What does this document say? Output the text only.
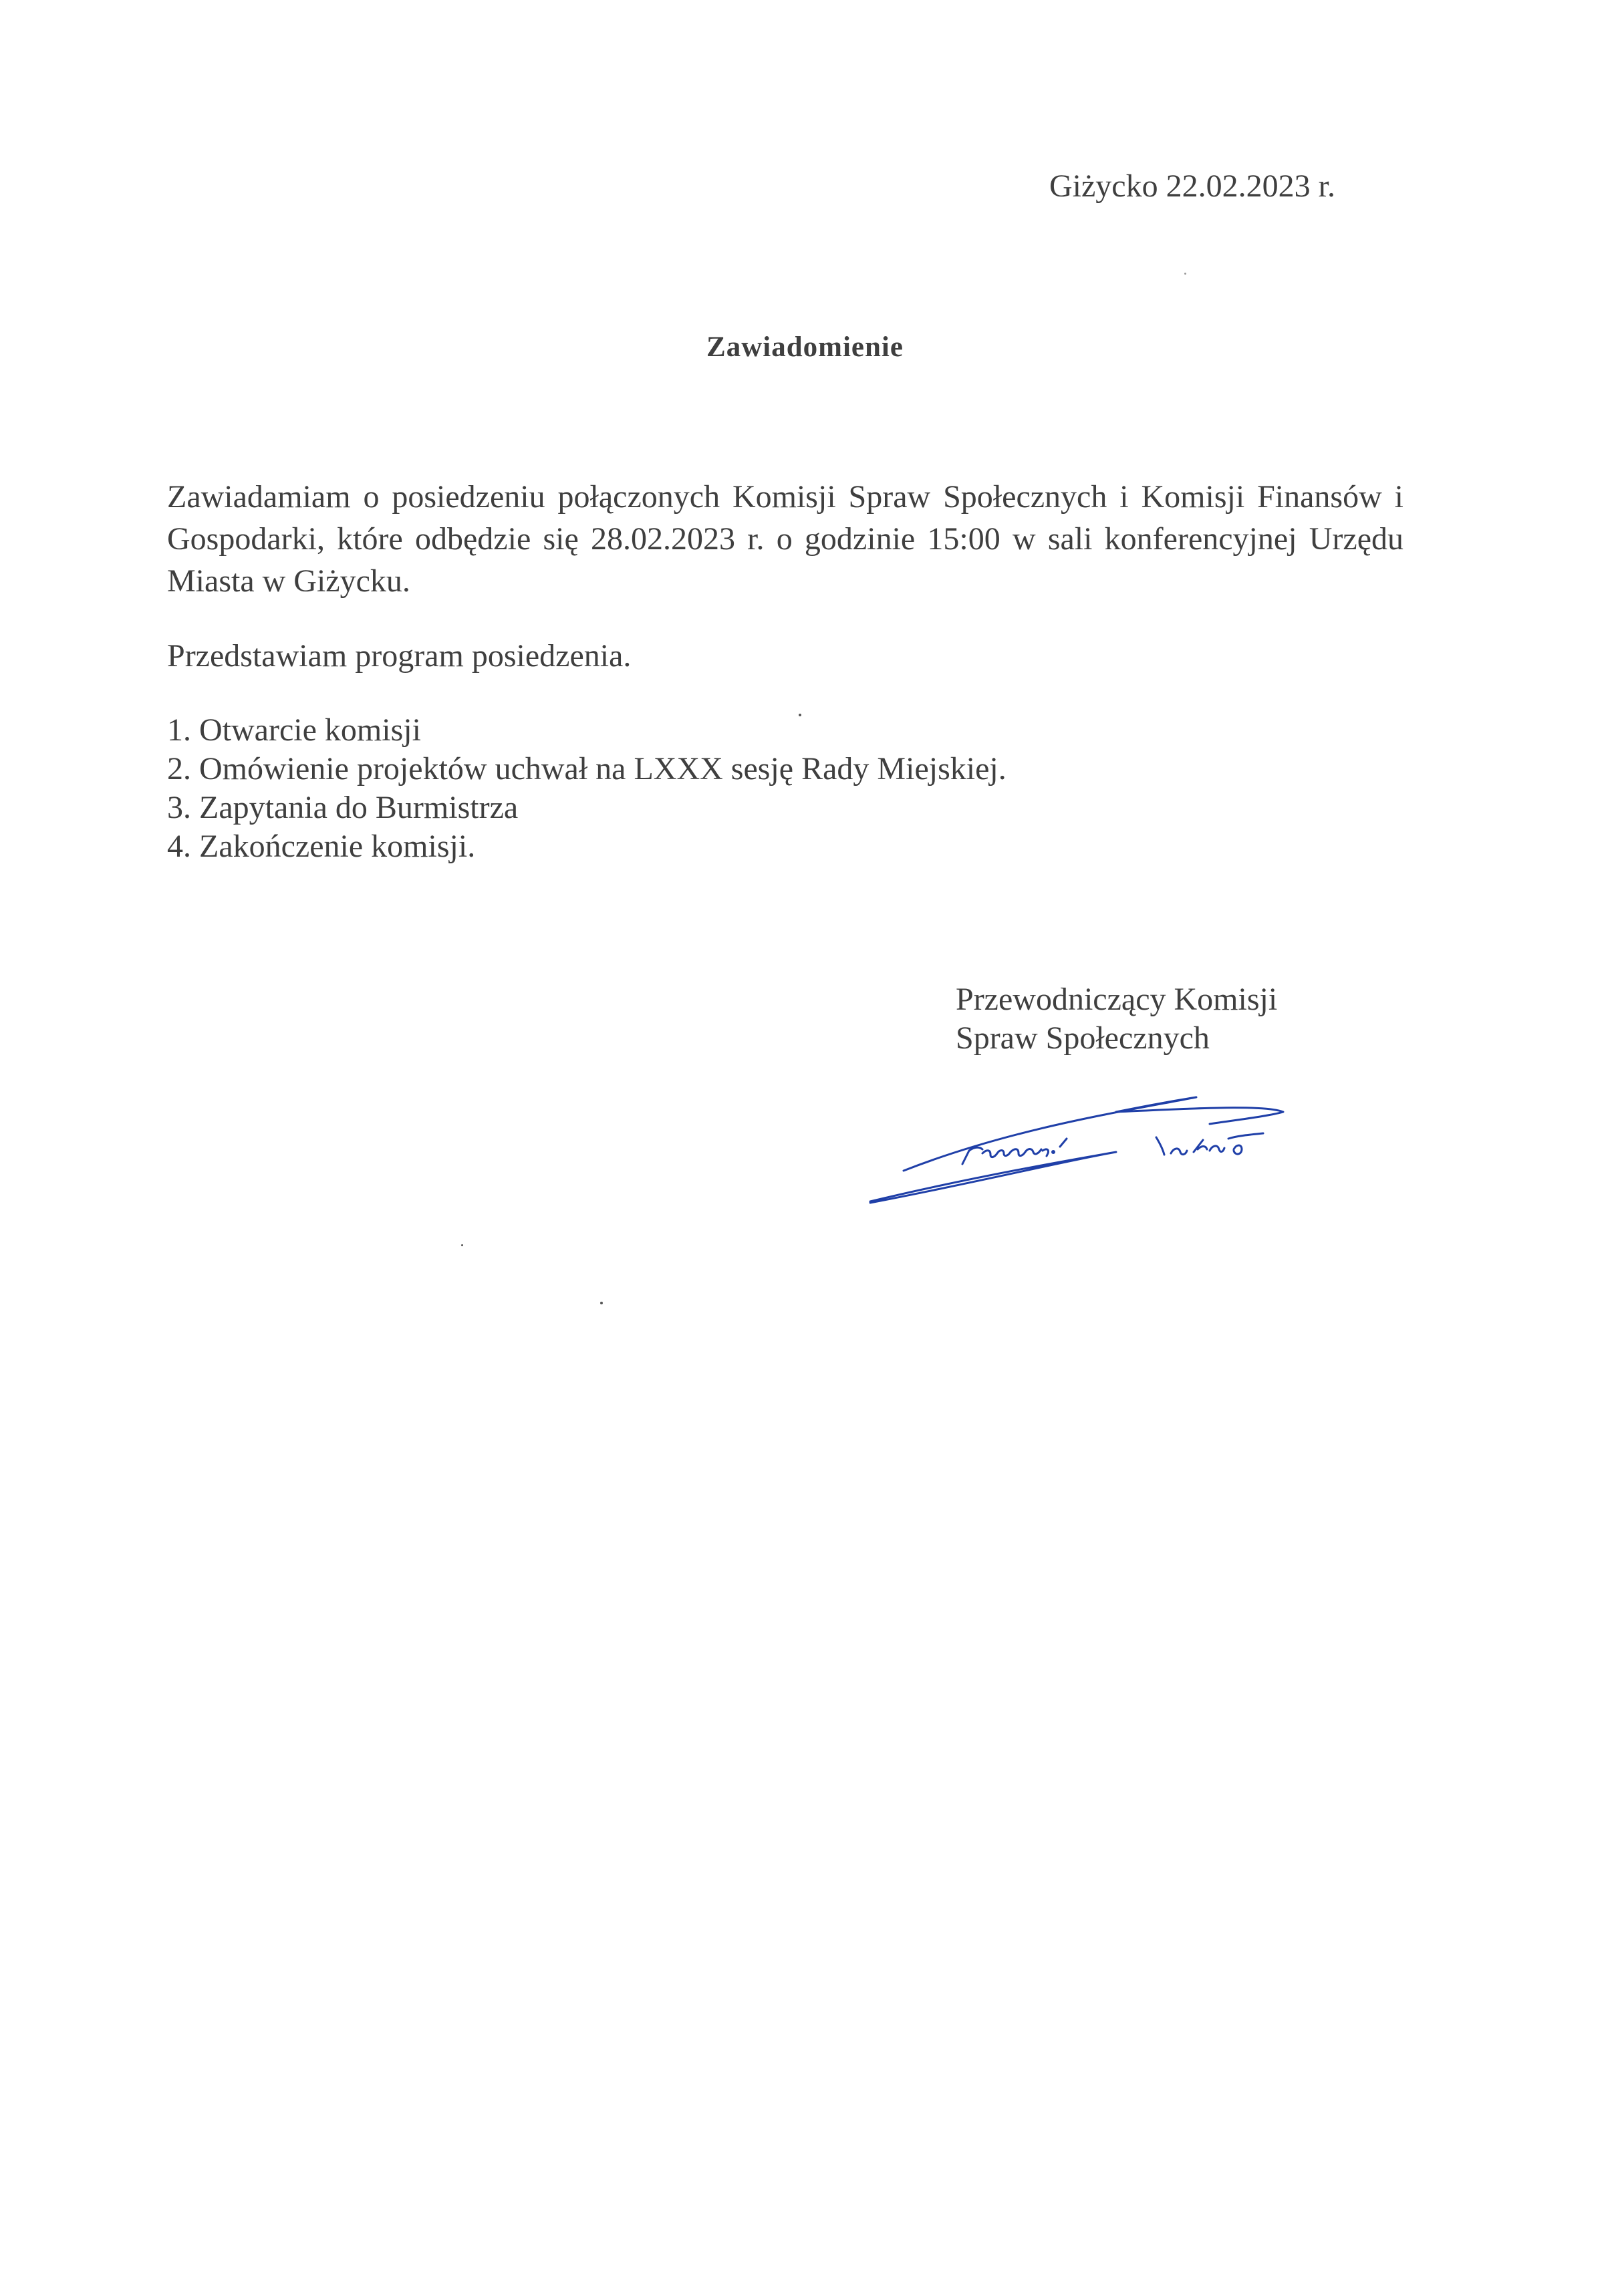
Giżycko 22.02.2023 r.
Zawiadomienie
Zawiadamiam o posiedzeniu połączonych Komisji Spraw Społecznych i Komisji Finansów i
Gospodarki, które odbędzie się 28.02.2023 r. o godzinie 15:00 w sali konferencyjnej Urzędu
Miasta w Giżycku.
Przedstawiam program posiedzenia.
1. Otwarcie komisji
2. Omówienie projektów uchwał na LXXX sesję Rady Miejskiej.
3. Zapytania do Burmistrza
4. Zakończenie komisji.
Przewodniczący Komisji
Spraw Społecznych
